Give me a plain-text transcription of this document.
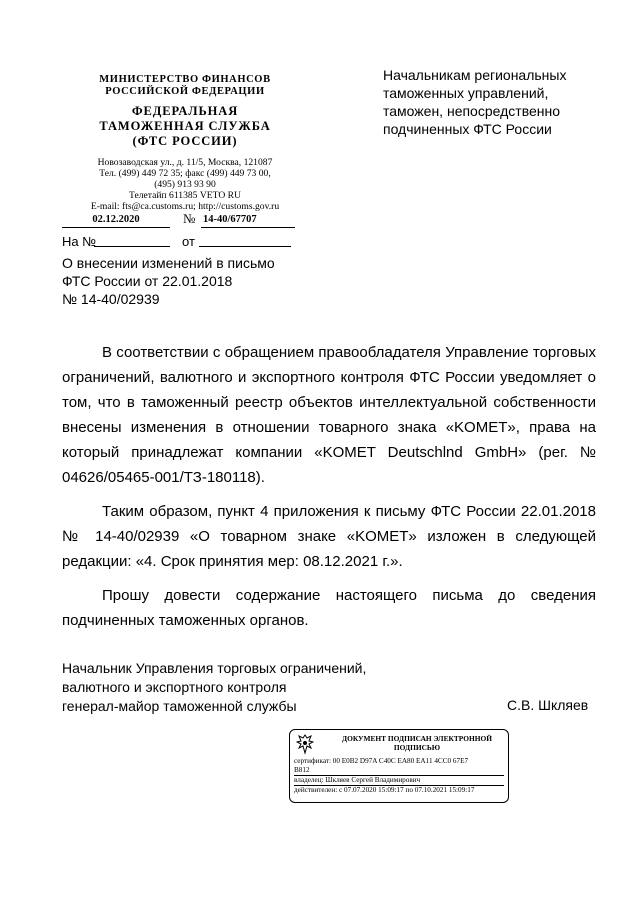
МИНИСТЕРСТВО ФИНАНСОВ
РОССИЙСКОЙ ФЕДЕРАЦИИ
ФЕДЕРАЛЬНАЯ
ТАМОЖЕННАЯ СЛУЖБА
(ФТС РОССИИ)
Новозаводская ул., д. 11/5, Москва, 121087
Тел. (499) 449 72 35; факс (499) 449 73 00,
(495) 913 93 90
Телетайп 611385 VETO RU
E-mail: fts@ca.customs.ru; http://customs.gov.ru
Начальникам региональных
таможенных управлений,
таможен, непосредственно
подчиненных ФТС России
02.12.2020	№ 14-40/67707
На №	от
О внесении изменений в письмо
ФТС России от 22.01.2018
№ 14-40/02939

В соответствии с обращением правообладателя Управление торговых ограничений, валютного и экспортного контроля ФТС России уведомляет о том, что в таможенный реестр объектов интеллектуальной собственности внесены изменения в отношении товарного знака «KOMET», права на который принадлежат компании «KOMET Deutschlnd GmbH» (рег. № 04626/05465-001/ТЗ-180118).

Таким образом, пункт 4 приложения к письму ФТС России 22.01.2018 № 14-40/02939 «О товарном знаке «KOMET» изложен в следующей редакции: «4. Срок принятия мер: 08.12.2021 г.».

Прошу довести содержание настоящего письма до сведения подчиненных таможенных органов.

Начальник Управления торговых ограничений,
валютного и экспортного контроля
генерал-майор таможенной службы	С.В. Шкляев
ДОКУМЕНТ ПОДПИСАН ЭЛЕКТРОННОЙ
ПОДПИСЬЮ
сертификат: 00 E0B2 D97A C40C EA80 EA11 4CC0 67E7
B812
владелец: Шкляев Сергей Владимирович
действителен: с 07.07.2020 15:09:17 по 07.10.2021 15:09:17
